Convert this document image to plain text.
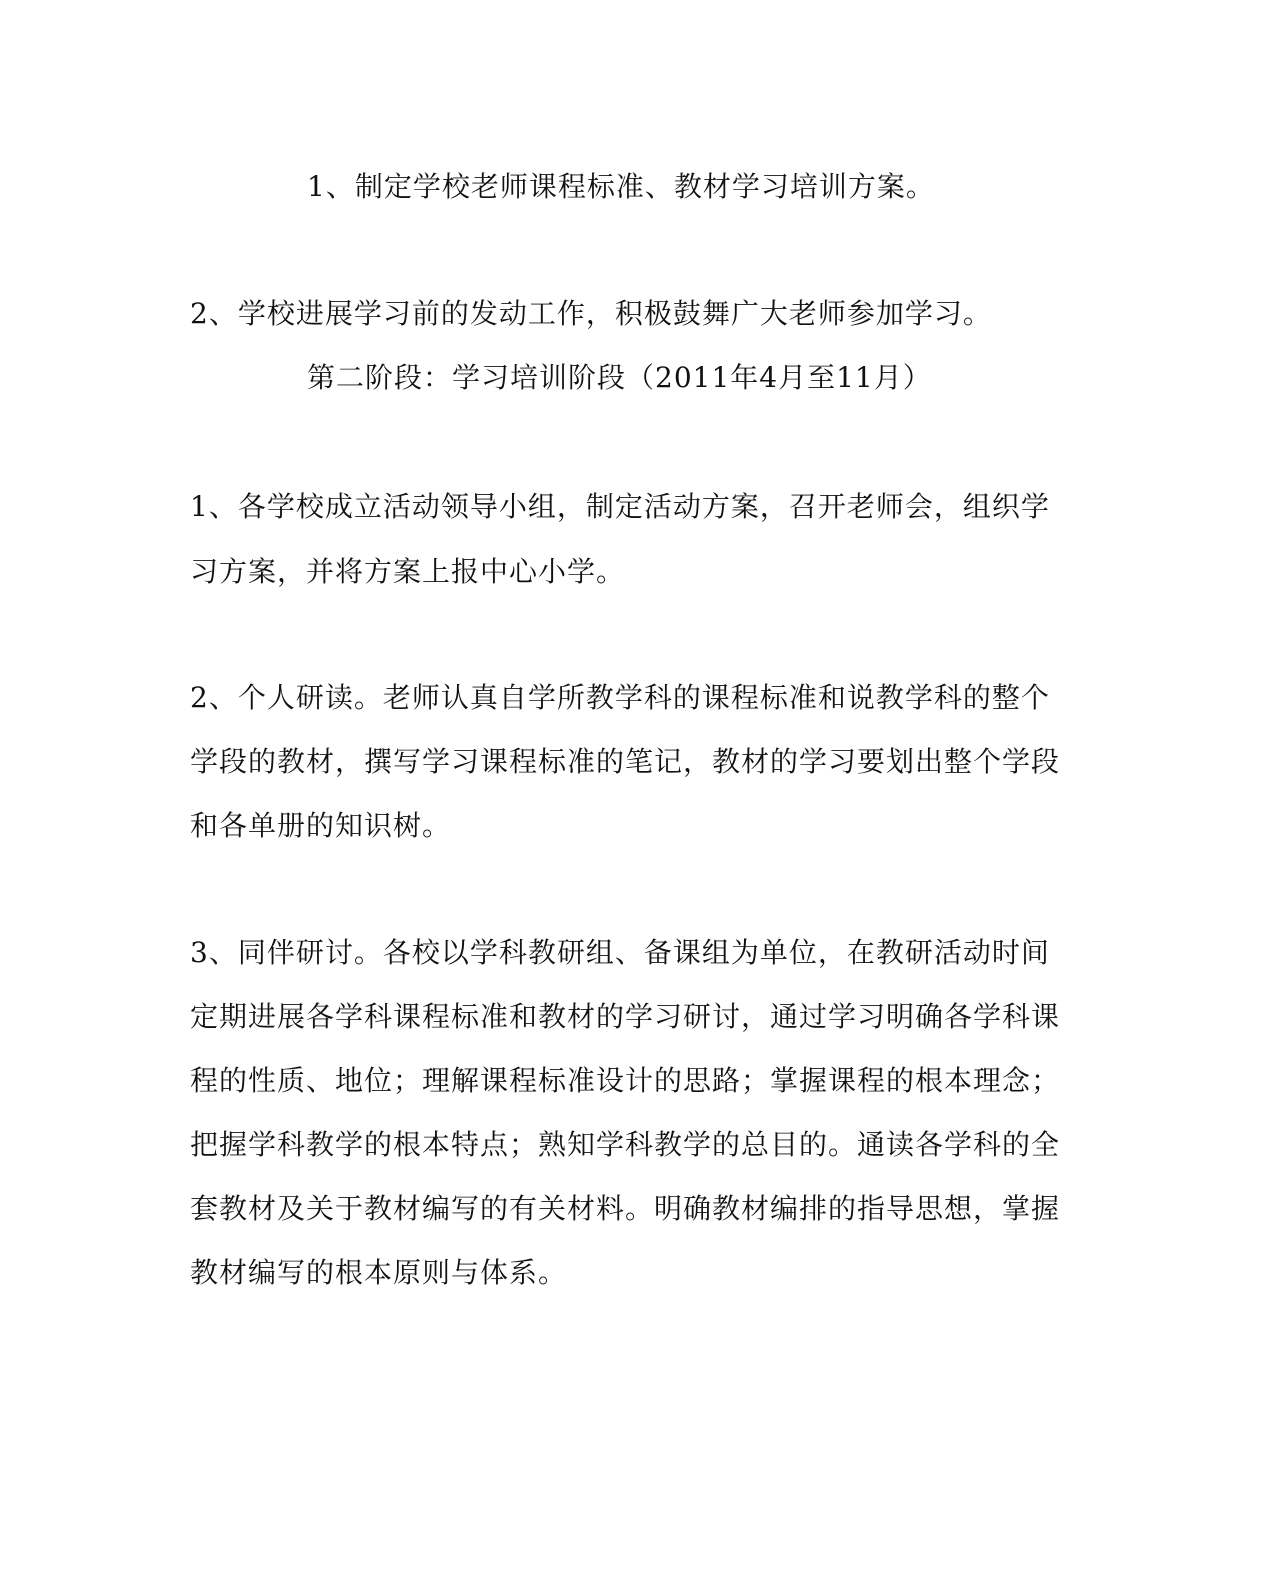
1、制定学校老师课程标准、教材学习培训方案。
2、学校进展学习前的发动工作，积极鼓舞广大老师参加学习。
第二阶段：学习培训阶段（2011年4月至11月）
1、各学校成立活动领导小组，制定活动方案，召开老师会，组织学
习方案，并将方案上报中心小学。
2、个人研读。老师认真自学所教学科的课程标准和说教学科的整个
学段的教材，撰写学习课程标准的笔记，教材的学习要划出整个学段
和各单册的知识树。
3、同伴研讨。各校以学科教研组、备课组为单位，在教研活动时间
定期进展各学科课程标准和教材的学习研讨，通过学习明确各学科课
程的性质、地位；理解课程标准设计的思路；掌握课程的根本理念；
把握学科教学的根本特点；熟知学科教学的总目的。通读各学科的全
套教材及关于教材编写的有关材料。明确教材编排的指导思想，掌握
教材编写的根本原则与体系。
